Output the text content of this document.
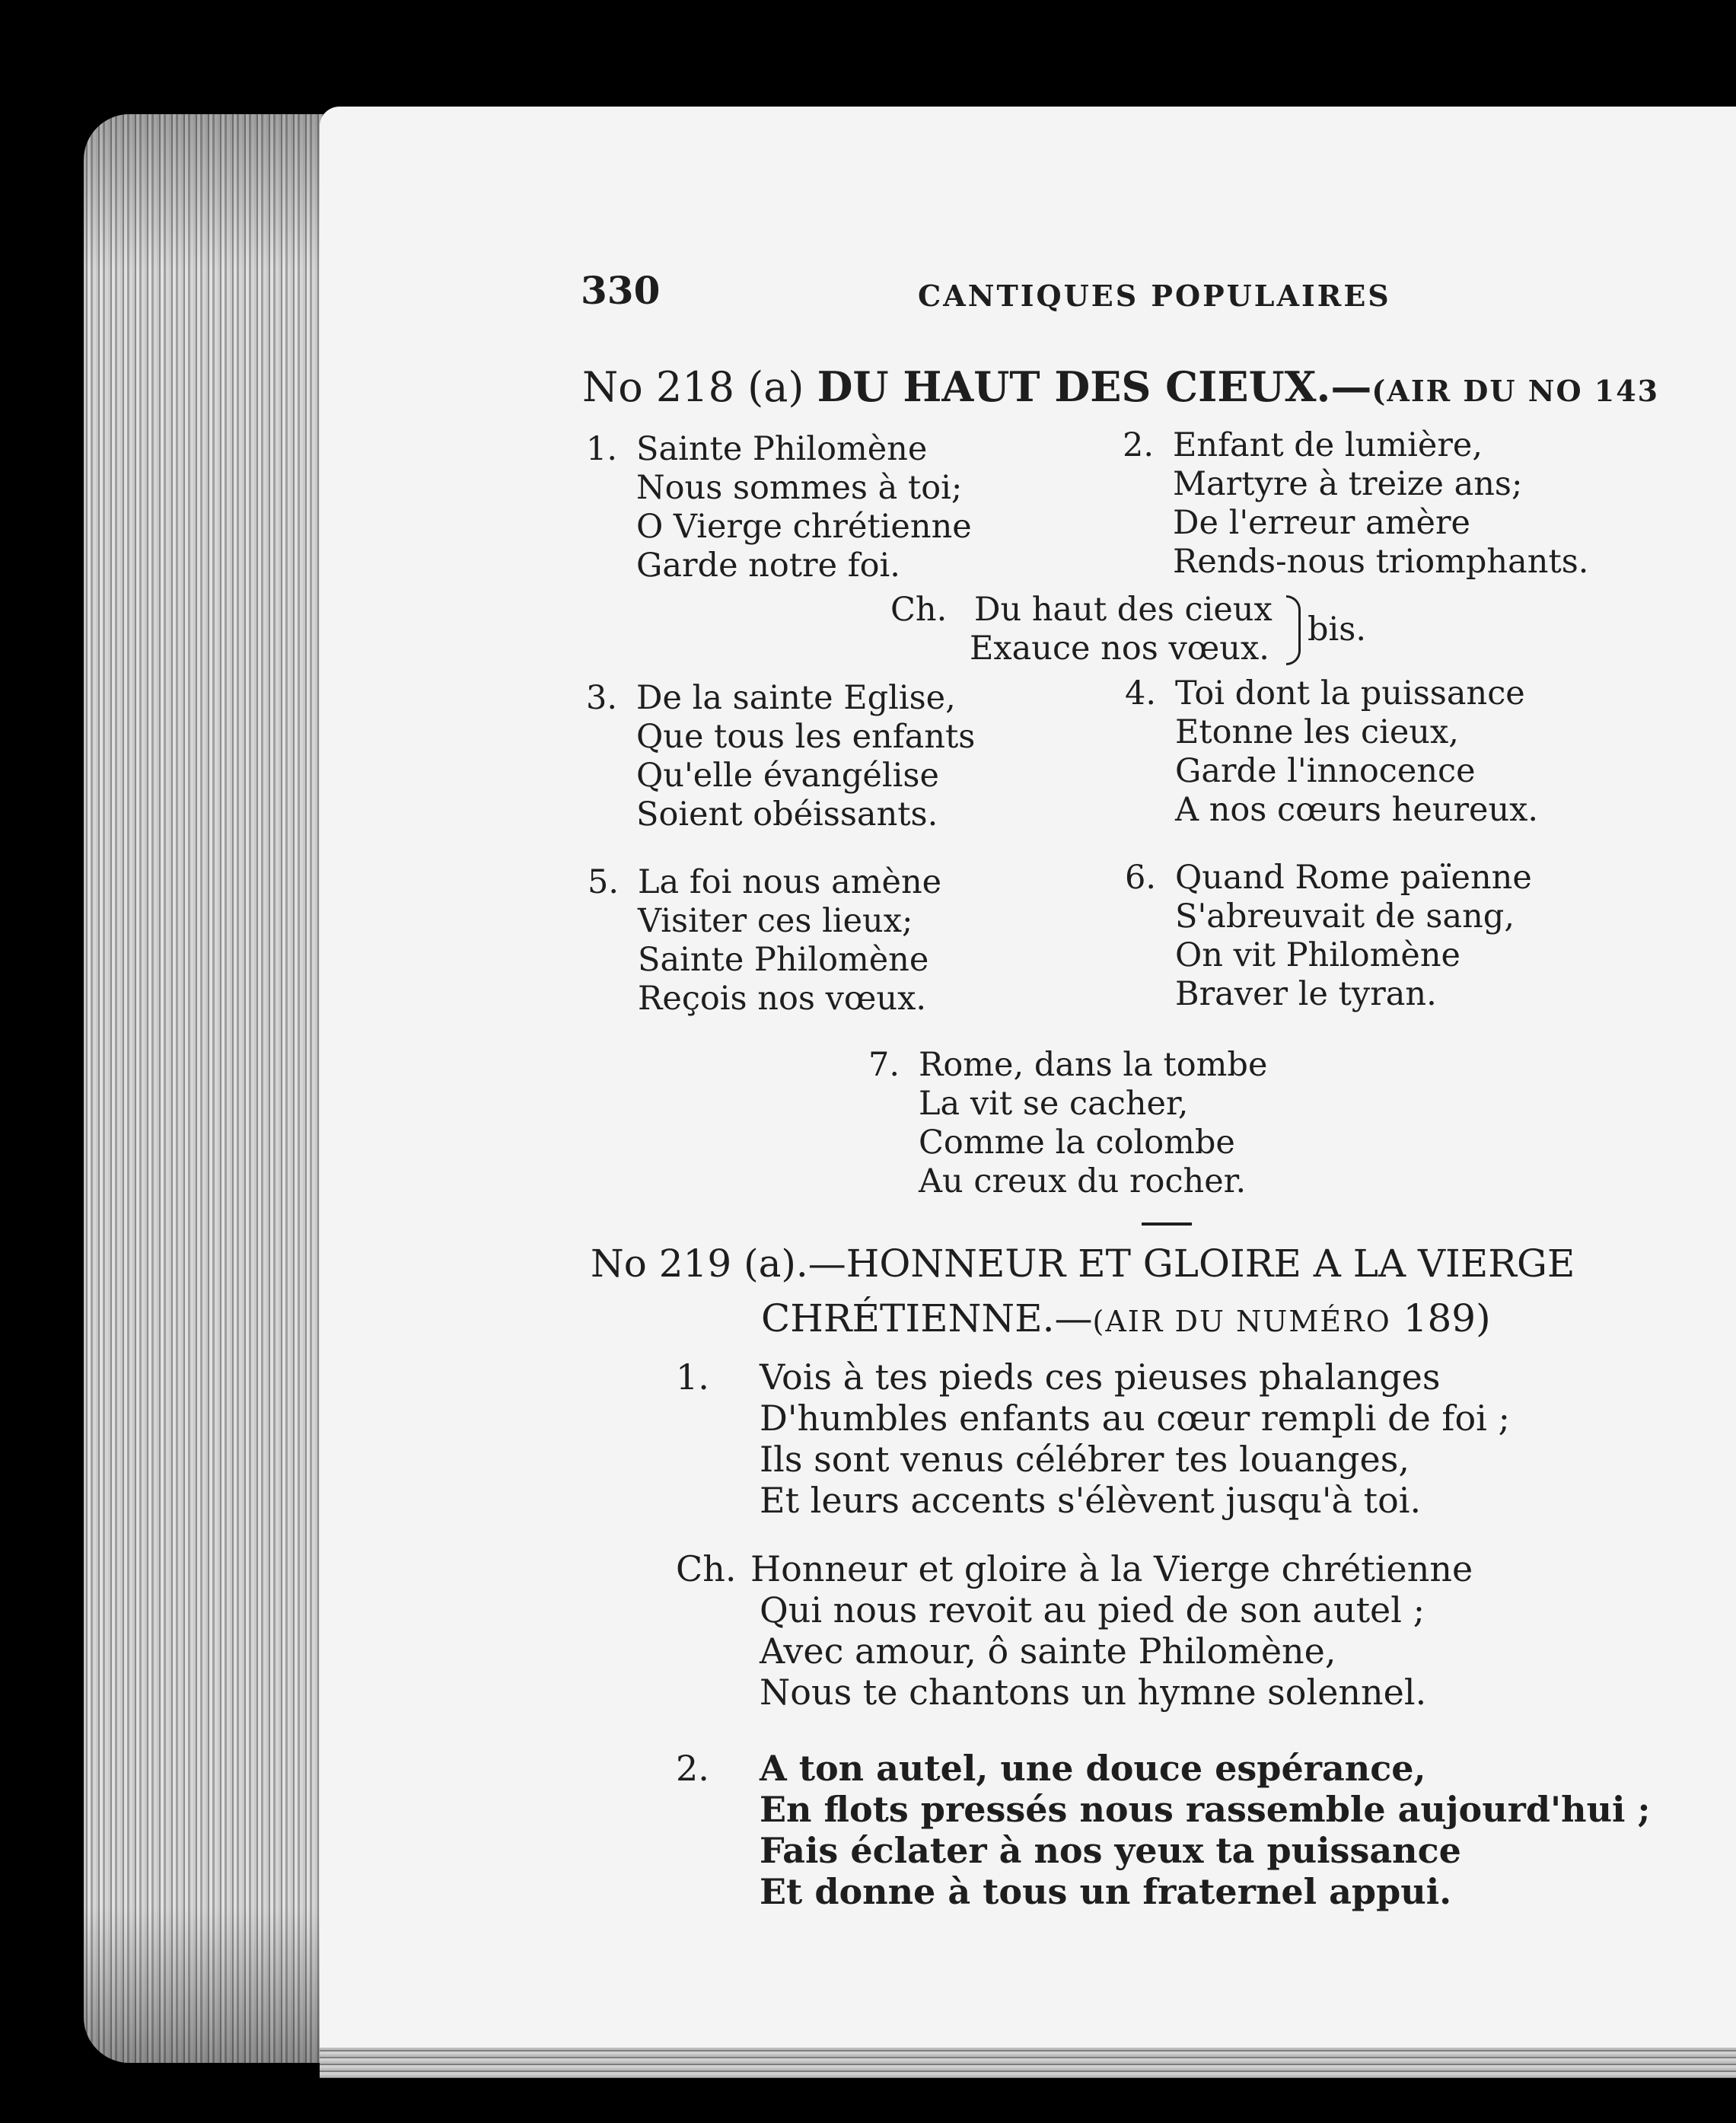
330	CANTIQUES POPULAIRES
No 218 (a) DU HAUT DES CIEUX.—(AIR DU NO 143
1. Sainte Philomène
Nous sommes à toi;
O Vierge chrétienne
Garde notre foi.
2. Enfant de lumière,
Martyre à treize ans;
De l'erreur amère
Rends-nous triomphants.
Ch. Du haut des cieux
Exauce nos vœux. bis.
3. De la sainte Eglise,
Que tous les enfants
Qu'elle évangélise
Soient obéissants.
4. Toi dont la puissance
Etonne les cieux,
Garde l'innocence
A nos cœurs heureux.
5. La foi nous amène
Visiter ces lieux;
Sainte Philomène
Reçois nos vœux.
6. Quand Rome païenne
S'abreuvait de sang,
On vit Philomène
Braver le tyran.
7. Rome, dans la tombe
La vit se cacher,
Comme la colombe
Au creux du rocher.
No 219 (a).—HONNEUR ET GLOIRE A LA VIERGE
CHRÉTIENNE.—(AIR DU NUMÉRO 189)
1. Vois à tes pieds ces pieuses phalanges
D'humbles enfants au cœur rempli de foi ;
Ils sont venus célébrer tes louanges,
Et leurs accents s'élèvent jusqu'à toi.
Ch. Honneur et gloire à la Vierge chrétienne
Qui nous revoit au pied de son autel ;
Avec amour, ô sainte Philomène,
Nous te chantons un hymne solennel.
2. A ton autel, une douce espérance,
En flots pressés nous rassemble aujourd'hui ;
Fais éclater à nos yeux ta puissance
Et donne à tous un fraternel appui.
